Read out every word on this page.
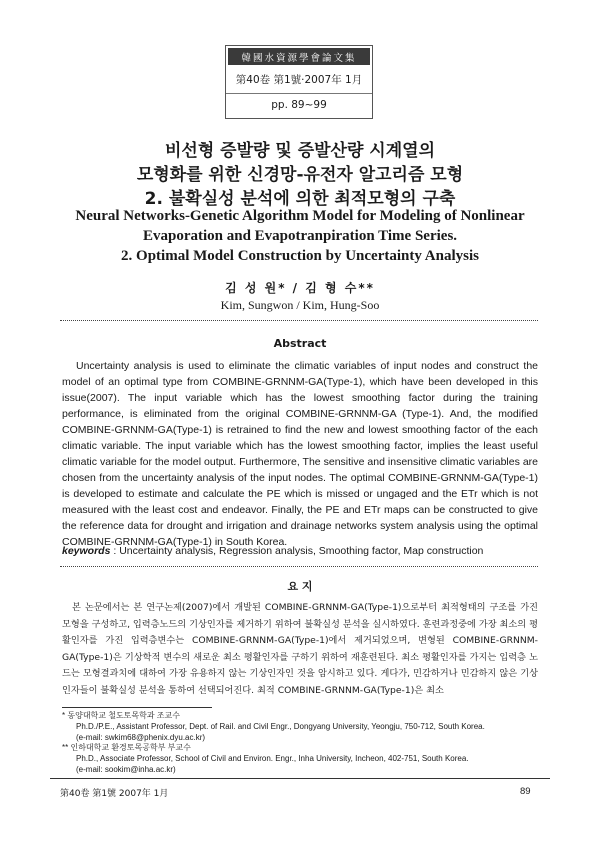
韓國水資源學會論文集
第40卷 第1號·2007年 1月
pp. 89~99
비선형 증발량 및 증발산량 시계열의
모형화를 위한 신경망-유전자 알고리즘 모형
2. 불확실성 분석에 의한 최적모형의 구축
Neural Networks-Genetic Algorithm Model for Modeling of Nonlinear
Evaporation and Evapotranpiration Time Series.
2. Optimal Model Construction by Uncertainty Analysis
김 성 원* / 김 형 수**
Kim, Sungwon / Kim, Hung-Soo
Abstract

Uncertainty analysis is used to eliminate the climatic variables of input nodes and construct the model of an optimal type from COMBINE-GRNNM-GA(Type-1), which have been developed in this issue(2007). The input variable which has the lowest smoothing factor during the training performance, is eliminated from the original COMBINE-GRNNM-GA (Type-1). And, the modified COMBINE-GRNNM-GA(Type-1) is retrained to find the new and lowest smoothing factor of the each climatic variable. The input variable which has the lowest smoothing factor, implies the least useful climatic variable for the model output. Furthermore, The sensitive and insensitive climatic variables are chosen from the uncertainty analysis of the input nodes. The optimal COMBINE-GRNNM-GA(Type-1) is developed to estimate and calculate the PE which is missed or ungaged and the ETr which is not measured with the least cost and endeavor. Finally, the PE and ETr maps can be constructed to give the reference data for drought and irrigation and drainage networks system analysis using the optimal COMBINE-GRNNM-GA(Type-1) in South Korea.

keywords : Uncertainty analysis, Regression analysis, Smoothing factor, Map construction
요 지

본 논문에서는 본 연구논제(2007)에서 개발된 COMBINE-GRNNM-GA(Type-1)으로부터 최적형태의 구조를 가진 모형을 구성하고, 입력층노드의 기상인자를 제거하기 위하여 불확실성 분석을 실시하였다. 훈련과정중에 가장 최소의 평활인자를 가진 입력층변수는 COMBINE-GRNNM-GA(Type-1)에서 제거되었으며, 변형된 COMBINE-GRNNM-GA(Type-1)은 기상학적 변수의 새로운 최소 평활인자를 구하기 위하여 재훈련된다. 최소 평활인자를 가지는 입력층 노드는 모형결과치에 대하여 가장 유용하지 않는 기상인자인 것을 암시하고 있다. 게다가, 민감하거나 민감하지 않은 기상인자들이 불확실성 분석을 통하여 선택되어진다. 최적 COMBINE-GRNNM-GA(Type-1)은 최소

* 동양대학교 철도토목학과 조교수
Ph.D./P.E., Assistant Professor, Dept. of Rail. and Civil Engr., Dongyang University, Yeongju, 750-712, South Korea.
(e-mail: swkim68@phenix.dyu.ac.kr)
** 인하대학교 환경토목공학부 부교수
Ph.D., Associate Professor, School of Civil and Environ. Engr., Inha University, Incheon, 402-751, South Korea.
(e-mail: sookim@inha.ac.kr)
第40卷 第1號 2007年 1月	89
